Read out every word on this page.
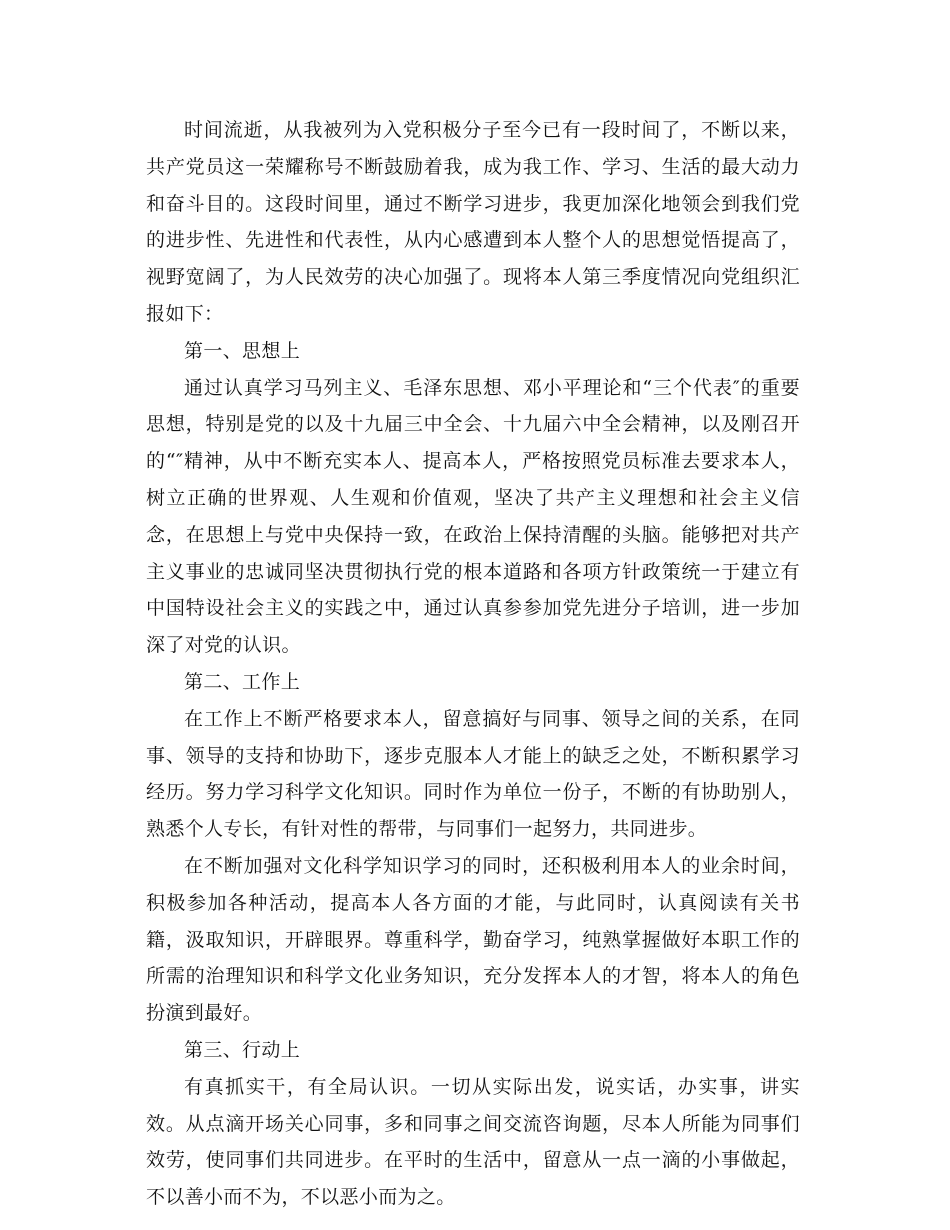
时间流逝，从我被列为入党积极分子至今已有一段时间了，不断以来，共产党员这一荣耀称号不断鼓励着我，成为我工作、学习、生活的最大动力和奋斗目的。这段时间里，通过不断学习进步，我更加深化地领会到我们党的进步性、先进性和代表性，从内心感遭到本人整个人的思想觉悟提高了，视野宽阔了，为人民效劳的决心加强了。现将本人第三季度情况向党组织汇报如下：

第一、思想上

通过认真学习马列主义、毛泽东思想、邓小平理论和“三个代表″的重要思想，特别是党的以及十九届三中全会、十九届六中全会精神，以及刚召开的“″精神，从中不断充实本人、提高本人，严格按照党员标准去要求本人，树立正确的世界观、人生观和价值观，坚决了共产主义理想和社会主义信念，在思想上与党中央保持一致，在政治上保持清醒的头脑。能够把对共产主义事业的忠诚同坚决贯彻执行党的根本道路和各项方针政策统一于建立有中国特设社会主义的实践之中，通过认真参参加党先进分子培训，进一步加深了对党的认识。

第二、工作上

在工作上不断严格要求本人，留意搞好与同事、领导之间的关系，在同事、领导的支持和协助下，逐步克服本人才能上的缺乏之处，不断积累学习经历。努力学习科学文化知识。同时作为单位一份子，不断的有协助别人，熟悉个人专长，有针对性的帮带，与同事们一起努力，共同进步。

在不断加强对文化科学知识学习的同时，还积极利用本人的业余时间，积极参加各种活动，提高本人各方面的才能，与此同时，认真阅读有关书籍，汲取知识，开辟眼界。尊重科学，勤奋学习，纯熟掌握做好本职工作的所需的治理知识和科学文化业务知识，充分发挥本人的才智，将本人的角色扮演到最好。

第三、行动上

有真抓实干，有全局认识。一切从实际出发，说实话，办实事，讲实效。从点滴开场关心同事，多和同事之间交流咨询题，尽本人所能为同事们效劳，使同事们共同进步。在平时的生活中，留意从一点一滴的小事做起，不以善小而不为，不以恶小而为之。
